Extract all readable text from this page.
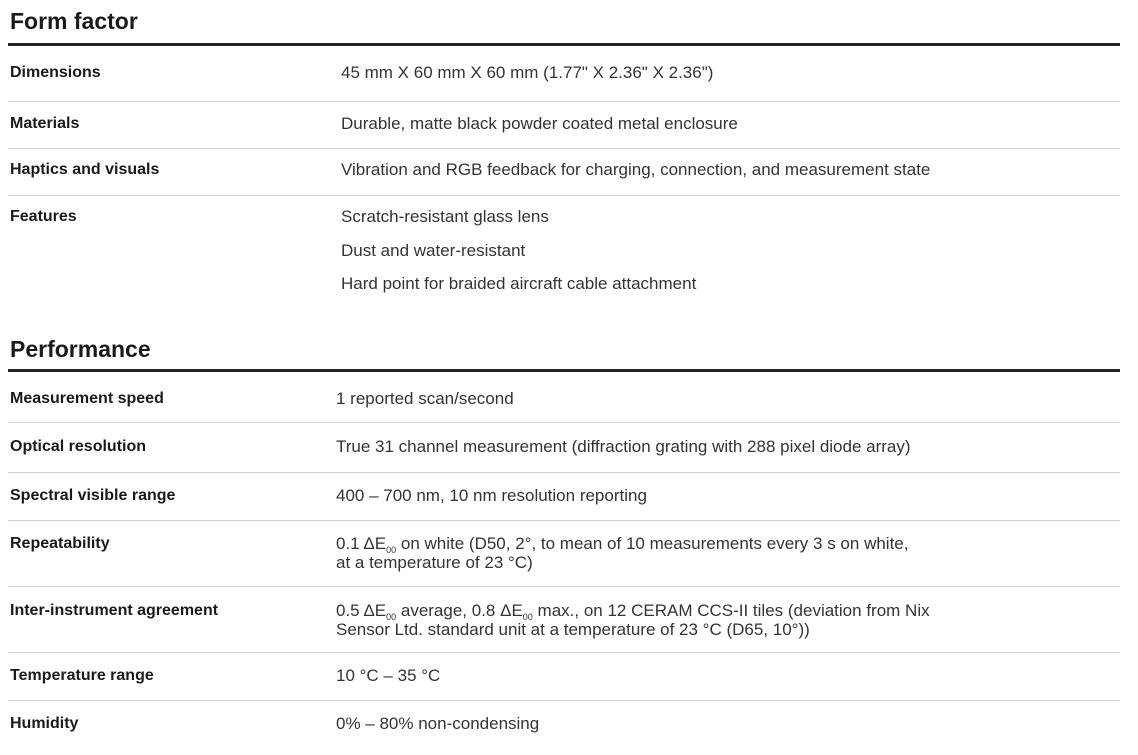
Form factor
Dimensions	45 mm X 60 mm X 60 mm (1.77" X 2.36" X 2.36")
Materials	Durable, matte black powder coated metal enclosure
Haptics and visuals	Vibration and RGB feedback for charging, connection, and measurement state
Features	Scratch-resistant glass lens
Dust and water-resistant
Hard point for braided aircraft cable attachment
Performance
Measurement speed	1 reported scan/second
Optical resolution	True 31 channel measurement (diffraction grating with 288 pixel diode array)
Spectral visible range	400 – 700 nm, 10 nm resolution reporting
Repeatability	0.1 $\Delta E_{00}$ on white (D50, 2°, to mean of 10 measurements every 3 s on white,
at a temperature of 23 °C)
Inter-instrument agreement	0.5 $\Delta E_{00}$ average, 0.8 $\Delta E_{00}$ max., on 12 CERAM CCS-II tiles (deviation from Nix
Sensor Ltd. standard unit at a temperature of 23 °C (D65, 10°))
Temperature range	10 °C – 35 °C
Humidity	0% – 80% non-condensing
